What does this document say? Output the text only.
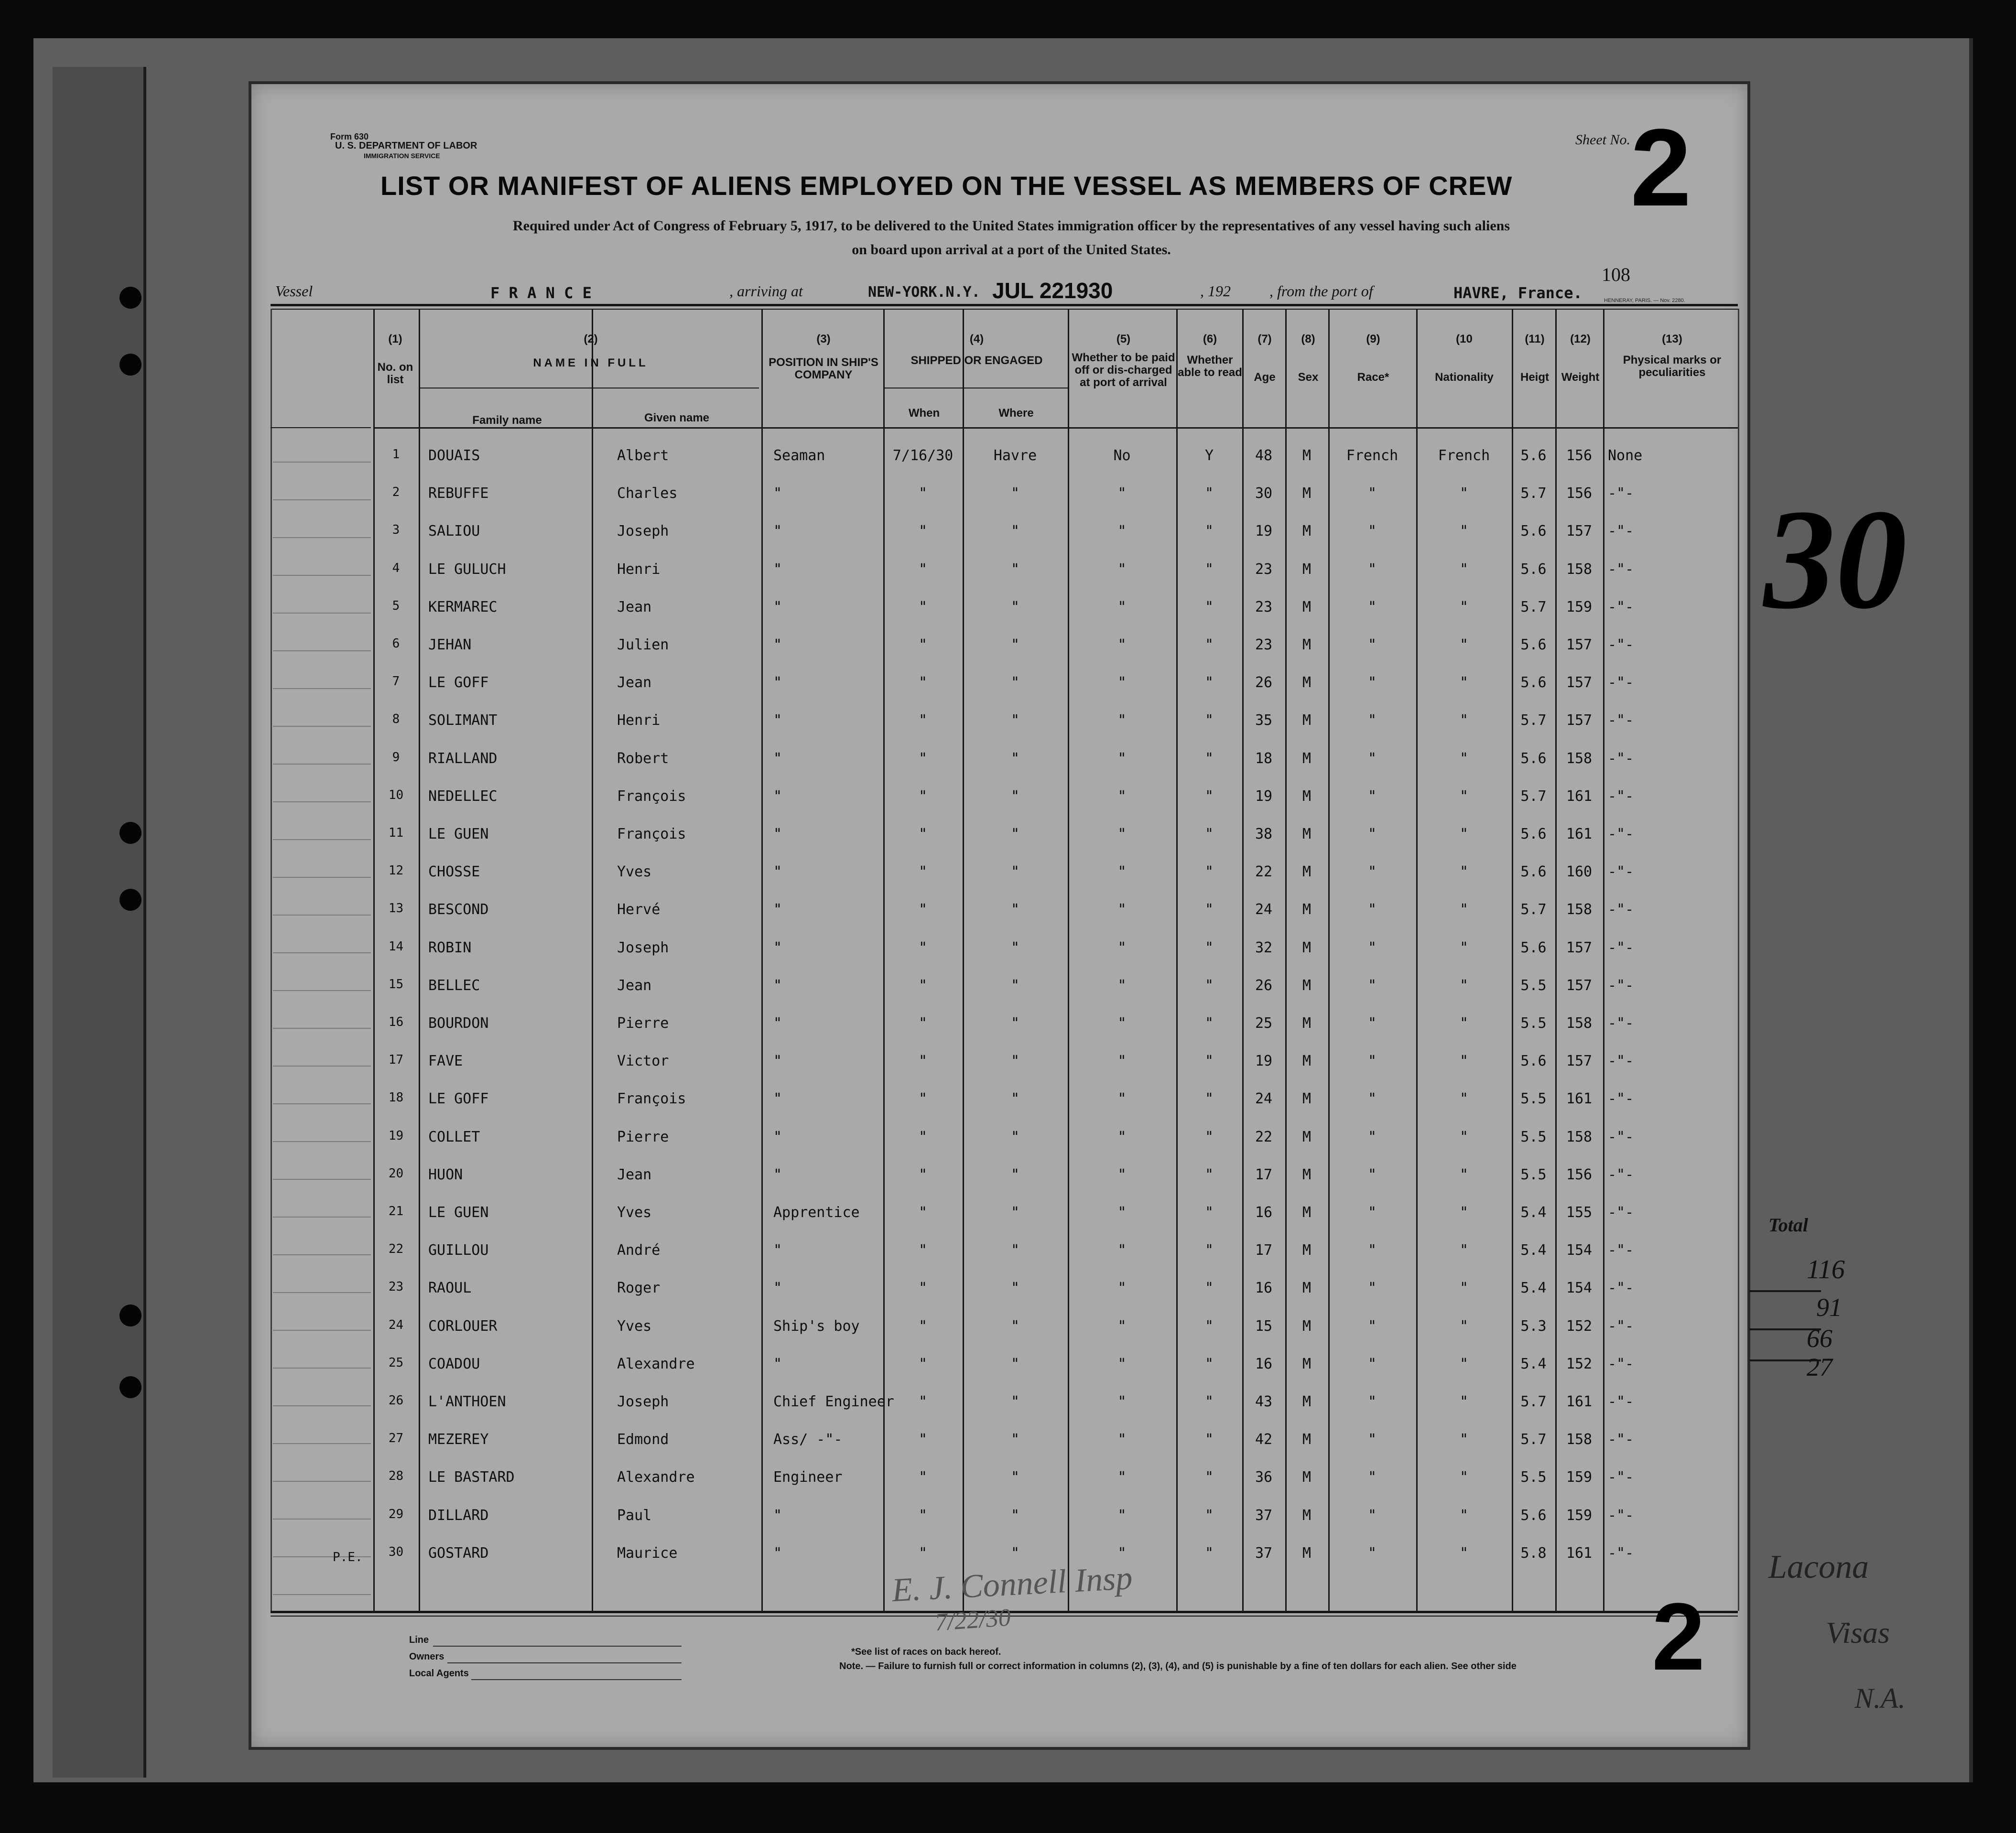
Form 630
U. S. DEPARTMENT OF LABOR
IMMIGRATION SERVICE
Sheet No. 2
LIST OR MANIFEST OF ALIENS EMPLOYED ON THE VESSEL AS MEMBERS OF CREW
Required under Act of Congress of February 5, 1917, to be delivered to the United States immigration officer by the representatives of any vessel having such aliens
on board upon arrival at a port of the United States.
Vessel	F R A N C E	, arriving at	NEW-YORK.N.Y. JUL 221930	, 192	, from the port of	HAVRE, France.
108
HENNERAY, PARIS. — Nov. 2280.
(1)
No. on list
(2)
NAME IN FULL
Family name	Given name
(3)
POSITION IN SHIP'S COMPANY
(4)
SHIPPED OR ENGAGED
When	Where
(5)
Whether to be paid off or dis-charged at port of arrival
(6)
Whether able to read
(7)
Age
(8)
Sex
(9)
Race*
(10
Nationality
(11)
Heigt
(12)
Weight
(13)
Physical marks or peculiarities
1	DOUAIS	Albert	Seaman	7/16/30	Havre	No	Y	48	M	French	French	5.6	156	None
2	REBUFFE	Charles	"	"	"	"	"	30	M	"	"	5.7	156	-"-
3	SALIOU	Joseph	"	"	"	"	"	19	M	"	"	5.6	157	-"-
4	LE GULUCH	Henri	"	"	"	"	"	23	M	"	"	5.6	158	-"-
5	KERMAREC	Jean	"	"	"	"	"	23	M	"	"	5.7	159	-"-
6	JEHAN	Julien	"	"	"	"	"	23	M	"	"	5.6	157	-"-
7	LE GOFF	Jean	"	"	"	"	"	26	M	"	"	5.6	157	-"-
8	SOLIMANT	Henri	"	"	"	"	"	35	M	"	"	5.7	157	-"-
9	RIALLAND	Robert	"	"	"	"	"	18	M	"	"	5.6	158	-"-
10	NEDELLEC	François	"	"	"	"	"	19	M	"	"	5.7	161	-"-
11	LE GUEN	François	"	"	"	"	"	38	M	"	"	5.6	161	-"-
12	CHOSSE	Yves	"	"	"	"	"	22	M	"	"	5.6	160	-"-
13	BESCOND	Hervé	"	"	"	"	"	24	M	"	"	5.7	158	-"-
14	ROBIN	Joseph	"	"	"	"	"	32	M	"	"	5.6	157	-"-
15	BELLEC	Jean	"	"	"	"	"	26	M	"	"	5.5	157	-"-
16	BOURDON	Pierre	"	"	"	"	"	25	M	"	"	5.5	158	-"-
17	FAVE	Victor	"	"	"	"	"	19	M	"	"	5.6	157	-"-
18	LE GOFF	François	"	"	"	"	"	24	M	"	"	5.5	161	-"-
19	COLLET	Pierre	"	"	"	"	"	22	M	"	"	5.5	158	-"-
20	HUON	Jean	"	"	"	"	"	17	M	"	"	5.5	156	-"-
21	LE GUEN	Yves	Apprentice	"	"	"	"	16	M	"	"	5.4	155	-"-
22	GUILLOU	André	"	"	"	"	"	17	M	"	"	5.4	154	-"-
23	RAOUL	Roger	"	"	"	"	"	16	M	"	"	5.4	154	-"-
24	CORLOUER	Yves	Ship's boy	"	"	"	"	15	M	"	"	5.3	152	-"-
25	COADOU	Alexandre	"	"	"	"	"	16	M	"	"	5.4	152	-"-
26	L'ANTHOEN	Joseph	Chief Engineer	"	"	"	"	43	M	"	"	5.7	161	-"-
27	MEZEREY	Edmond	Ass/ -"-	"	"	"	"	42	M	"	"	5.7	158	-"-
28	LE BASTARD	Alexandre	Engineer	"	"	"	"	36	M	"	"	5.5	159	-"-
29	DILLARD	Paul	"	"	"	"	"	37	M	"	"	5.6	159	-"-
30	GOSTARD	Maurice	"	"	"	"	"	37	M	"	"	5.8	161	-"-
P.E.
Line
Owners
Local Agents
*See list of races on back hereof.
Note. — Failure to furnish full or correct information in columns (2), (3), (4), and (5) is punishable by a fine of ten dollars for each alien. See other side 2
E. J. Connell Insp
7/22/30
30
Total
116
91
66
27
Lacona
Visas
N.A.
